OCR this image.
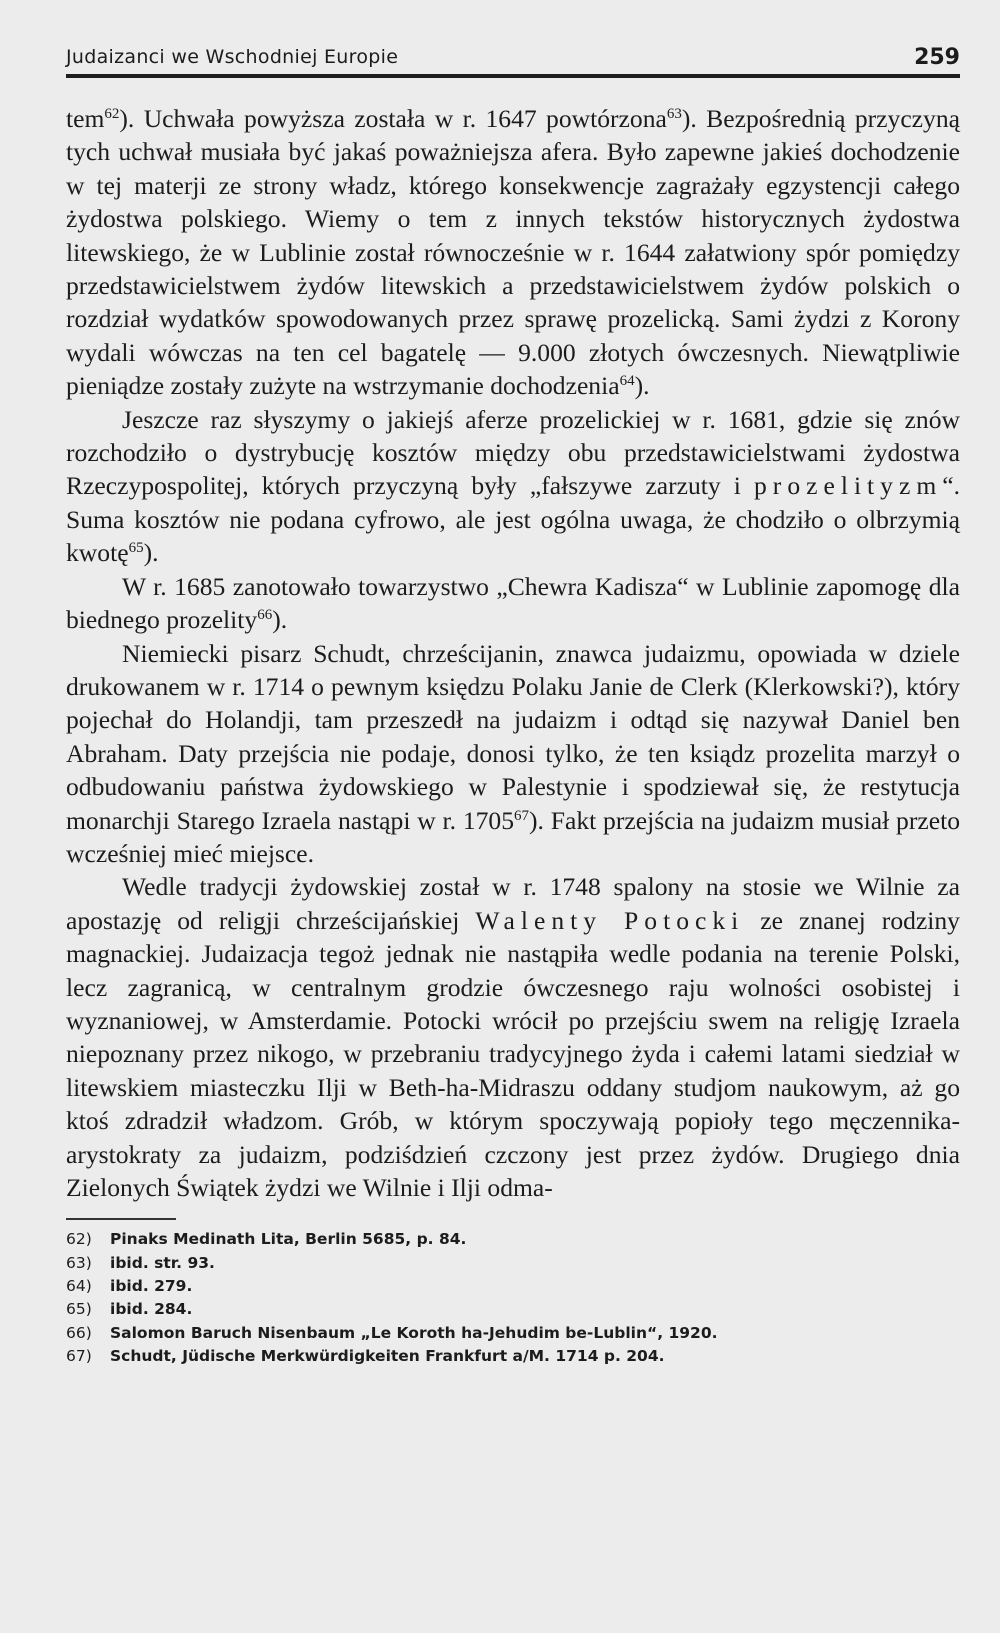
Judaizanci we Wschodniej Europie	259

tem$^{62}$). Uchwała powyższa została w r. 1647 powtórzona$^{63}$). Bezpośrednią przyczyną tych uchwał musiała być jakaś poważniejsza afera. Było zapewne jakieś dochodzenie w tej materji ze strony władz, którego konsekwencje zagrażały egzystencji całego żydostwa polskiego. Wiemy o tem z innych tekstów historycznych żydostwa litewskiego, że w Lublinie został równocześnie w r. 1644 załatwiony spór pomiędzy przedstawicielstwem żydów litewskich a przedstawicielstwem żydów polskich o rozdział wydatków spowodowanych przez sprawę prozelicką. Sami żydzi z Korony wydali wówczas na ten cel bagatelę — 9.000 złotych ówczesnych. Niewątpliwie pieniądze zostały zużyte na wstrzymanie dochodzenia$^{64}$).

Jeszcze raz słyszymy o jakiejś aferze prozelickiej w r. 1681, gdzie się znów rozchodziło o dystrybucję kosztów między obu przedstawicielstwami żydostwa Rzeczypospolitej, których przyczyną były „fałszywe zarzuty i prozelityzm“. Suma kosztów nie podana cyfrowo, ale jest ogólna uwaga, że chodziło o olbrzymią kwotę$^{65}$).

W r. 1685 zanotowało towarzystwo „Chewra Kadisza“ w Lublinie zapomogę dla biednego prozelity$^{66}$).

Niemiecki pisarz Schudt, chrześcijanin, znawca judaizmu, opowiada w dziele drukowanem w r. 1714 o pewnym księdzu Polaku Janie de Clerk (Klerkowski?), który pojechał do Holandji, tam przeszedł na judaizm i odtąd się nazywał Daniel ben Abraham. Daty przejścia nie podaje, donosi tylko, że ten ksiądz prozelita marzył o odbudowaniu państwa żydowskiego w Palestynie i spodziewał się, że restytucja monarchji Starego Izraela nastąpi w r. 1705$^{67}$). Fakt przejścia na judaizm musiał przeto wcześniej mieć miejsce.

Wedle tradycji żydowskiej został w r. 1748 spalony na stosie we Wilnie za apostazję od religji chrześcijańskiej Walenty Potocki ze znanej rodziny magnackiej. Judaizacja tegoż jednak nie nastąpiła wedle podania na terenie Polski, lecz zagranicą, w centralnym grodzie ówczesnego raju wolności osobistej i wyznaniowej, w Amsterdamie. Potocki wrócił po przejściu swem na religję Izraela niepoznany przez nikogo, w przebraniu tradycyjnego żyda i całemi latami siedział w litewskiem miasteczku Ilji w Beth-ha-Midraszu oddany studjom naukowym, aż go ktoś zdradził władzom. Grób, w którym spoczywają popioły tego męczennika-arystokraty za judaizm, podziśdzień czczony jest przez żydów. Drugiego dnia Zielonych Świątek żydzi we Wilnie i Ilji odma-

62) Pinaks Medinath Lita, Berlin 5685, p. 84.
63) ibid. str. 93.
64) ibid. 279.
65) ibid. 284.
66) Salomon Baruch Nisenbaum „Le Koroth ha-Jehudim be-Lublin“, 1920.
67) Schudt, Jüdische Merkwürdigkeiten Frankfurt a/M. 1714 p. 204.
